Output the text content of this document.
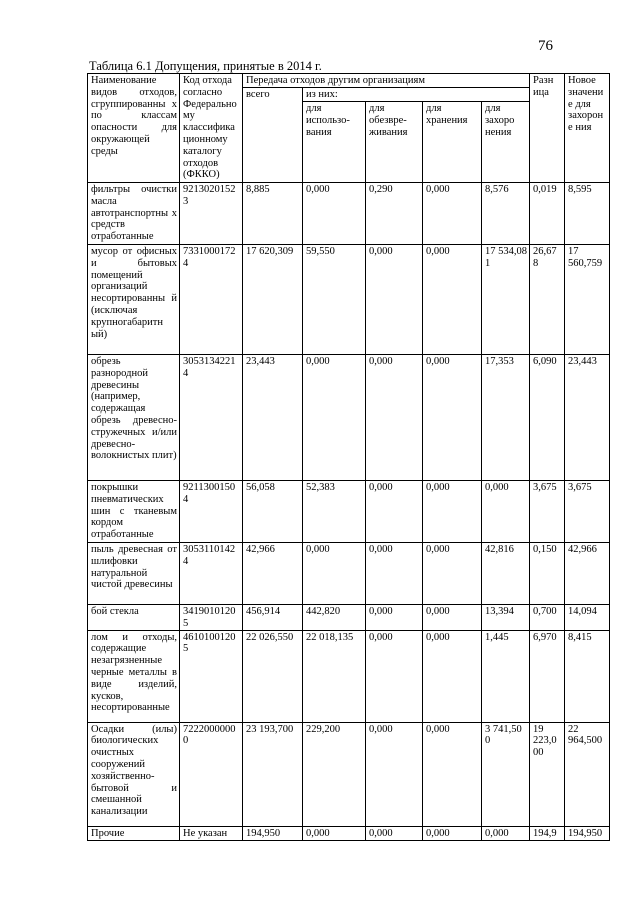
76
Таблица 6.1 Допущения, принятые в 2014 г.
Наименование видов отходов, сгруппированны х по классам опасности для окружающей среды	Код отхода согласно Федерально му классифика ционному каталогу отходов (ФККО)	Передача отходов другим организациям					Разн ица	Новое значение для захороне ния
		всего	из них:					
			для использо-вания	для обезвре-живания	для хранения	для захоро нения		
фильтры очистки масла автотранспортны х средств отработанные	9213020152 3	8,885	0,000	0,290	0,000	8,576	0,019	8,595
мусор от офисных и бытовых помещений организаций несортированны й (исключая крупногабаритн ый)	7331000172 4	17 620,309	59,550	0,000	0,000	17 534,08 1	26,67 8	17 560,759
обрезь разнородной древесины (например, содержащая обрезь древесно-стружечных и/или древесно-волокнистых плит)	3053134221 4	23,443	0,000	0,000	0,000	17,353	6,090	23,443
покрышки пневматических шин с тканевым кордом отработанные	9211300150 4	56,058	52,383	0,000	0,000	0,000	3,675	3,675
пыль древесная от шлифовки натуральной чистой древесины	3053110142 4	42,966	0,000	0,000	0,000	42,816	0,150	42,966
бой стекла	3419010120 5	456,914	442,820	0,000	0,000	13,394	0,700	14,094
лом и отходы, содержащие незагрязненные черные металлы в виде изделий, кусков, несортированные	4610100120 5	22 026,550	22 018,135	0,000	0,000	1,445	6,970	8,415
Осадки (илы) биологических очистных сооружений хозяйственно-бытовой и смешанной канализации	7222000000 0	23 193,700	229,200	0,000	0,000	3 741,50 0	19 223,0 00	22 964,500
Прочие	Не указан	194,950	0,000	0,000	0,000	0,000	194,9	194,950
